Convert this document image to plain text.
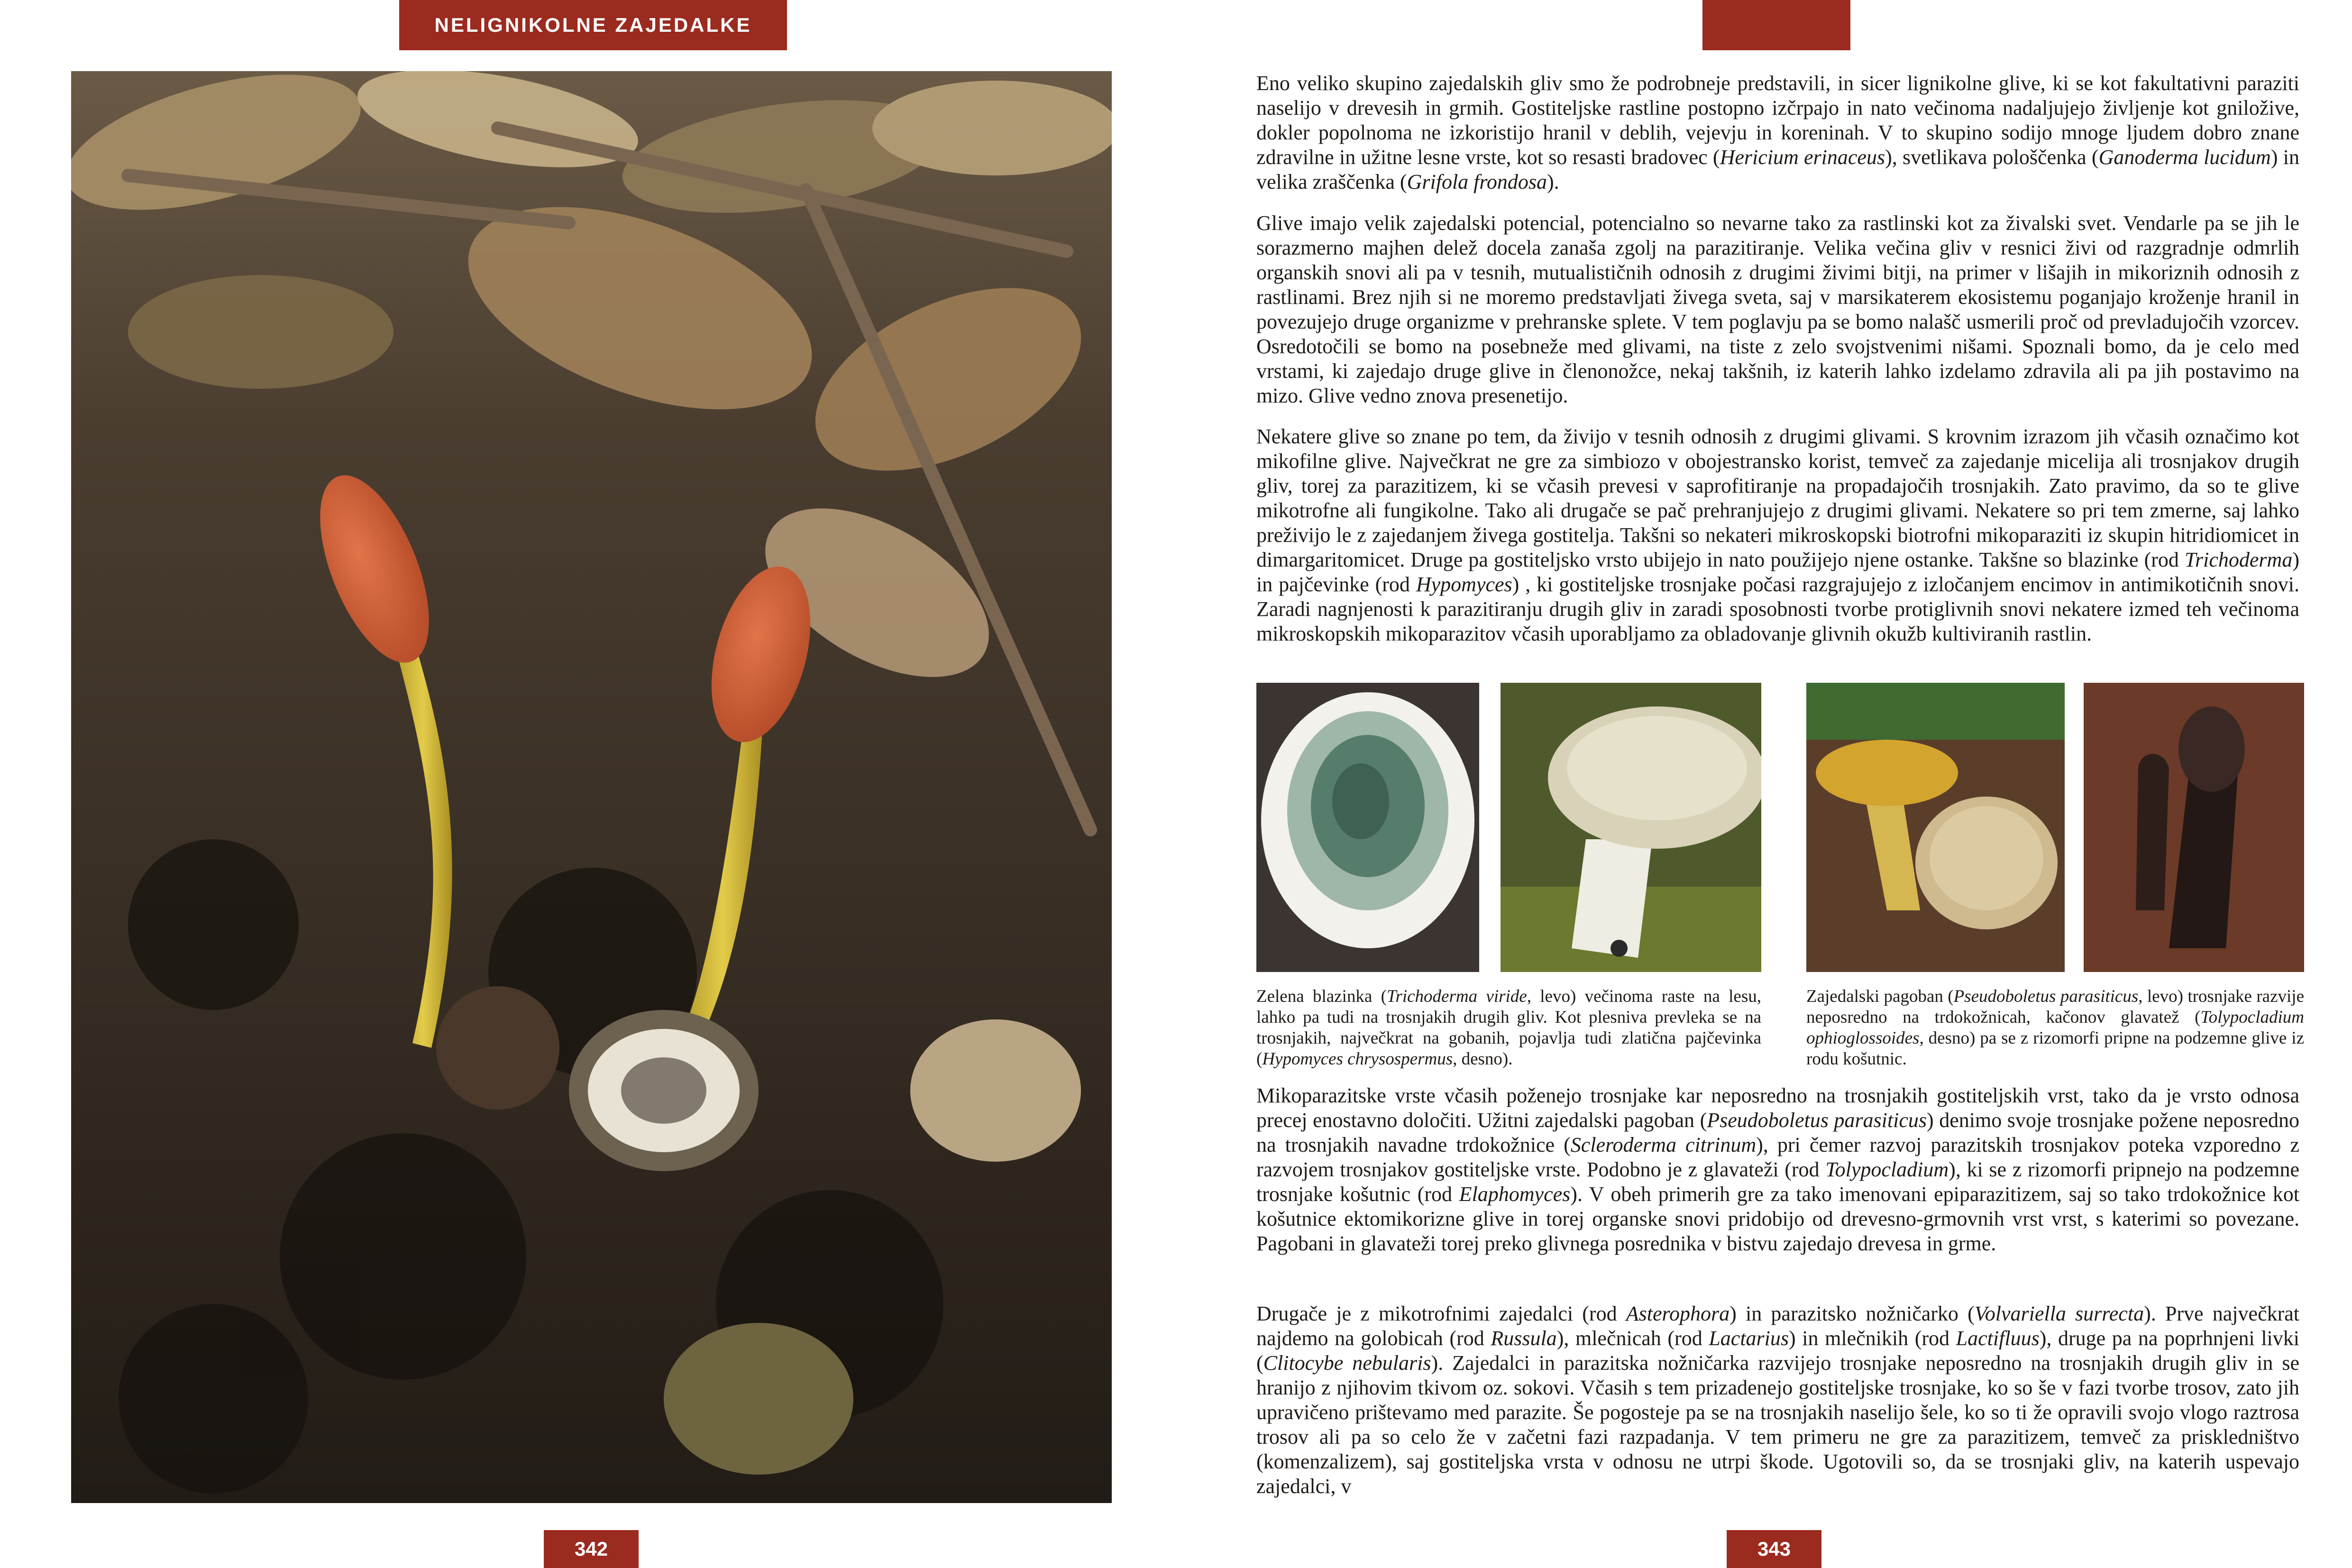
NELIGNIKOLNE ZAJEDALKE
342	343

Eno veliko skupino zajedalskih gliv smo že podrobneje predstavili, in sicer lignikolne glive, ki se kot fakultativni paraziti naselijo v drevesih in grmih. Gostiteljske rastline postopno izčrpajo in nato večinoma nadaljujejo življenje kot gniložive, dokler popolnoma ne izkoristijo hranil v deblih, vejevju in koreninah. V to skupino sodijo mnoge ljudem dobro znane zdravilne in užitne lesne vrste, kot so resasti bradovec (Hericium erinaceus), svetlikava pološčenka (Ganoderma lucidum) in velika zraščenka (Grifola frondosa).

Glive imajo velik zajedalski potencial, potencialno so nevarne tako za rastlinski kot za živalski svet. Vendarle pa se jih le sorazmerno majhen delež docela zanaša zgolj na parazitiranje. Velika večina gliv v resnici živi od razgradnje odmrlih organskih snovi ali pa v tesnih, mutualističnih odnosih z drugimi živimi bitji, na primer v lišajih in mikoriznih odnosih z rastlinami. Brez njih si ne moremo predstavljati živega sveta, saj v marsikaterem ekosistemu poganjajo kroženje hranil in povezujejo druge organizme v prehranske splete. V tem poglavju pa se bomo nalašč usmerili proč od prevladujočih vzorcev. Osredotočili se bomo na posebneže med glivami, na tiste z zelo svojstvenimi nišami. Spoznali bomo, da je celo med vrstami, ki zajedajo druge glive in členonožce, nekaj takšnih, iz katerih lahko izdelamo zdravila ali pa jih postavimo na mizo. Glive vedno znova presenetijo.

Nekatere glive so znane po tem, da živijo v tesnih odnosih z drugimi glivami. S krovnim izrazom jih včasih označimo kot mikofilne glive. Največkrat ne gre za simbiozo v obojestransko korist, temveč za zajedanje micelija ali trosnjakov drugih gliv, torej za parazitizem, ki se včasih prevesi v saprofitiranje na propadajočih trosnjakih. Zato pravimo, da so te glive mikotrofne ali fungikolne. Tako ali drugače se pač prehranjujejo z drugimi glivami. Nekatere so pri tem zmerne, saj lahko preživijo le z zajedanjem živega gostitelja. Takšni so nekateri mikroskopski biotrofni mikoparaziti iz skupin hitridiomicet in dimargaritomicet. Druge pa gostiteljsko vrsto ubijejo in nato použijejo njene ostanke. Takšne so blazinke (rod Trichoderma) in pajčevinke (rod Hypomyces) , ki gostiteljske trosnjake počasi razgrajujejo z izločanjem encimov in antimikotičnih snovi. Zaradi nagnjenosti k parazitiranju drugih gliv in zaradi sposobnosti tvorbe protiglivnih snovi nekatere izmed teh večinoma mikroskopskih mikoparazitov včasih uporabljamo za obladovanje glivnih okužb kultiviranih rastlin.

Zelena blazinka (Trichoderma viride, levo) večinoma raste na lesu, lahko pa tudi na trosnjakih drugih gliv. Kot plesniva prevleka se na trosnjakih, največkrat na gobanih, pojavlja tudi zlatična pajčevinka (Hypomyces chrysospermus, desno).

Zajedalski pagoban (Pseudoboletus parasiticus, levo) trosnjake razvije neposredno na trdokožnicah, kačonov glavatež (Tolypocladium ophioglossoides, desno) pa se z rizomorfi pripne na podzemne glive iz rodu košutnic.

Mikoparazitske vrste včasih poženejo trosnjake kar neposredno na trosnjakih gostiteljskih vrst, tako da je vrsto odnosa precej enostavno določiti. Užitni zajedalski pagoban (Pseudoboletus parasiticus) denimo svoje trosnjake požene neposredno na trosnjakih navadne trdokožnice (Scleroderma citrinum), pri čemer razvoj parazitskih trosnjakov poteka vzporedno z razvojem trosnjakov gostiteljske vrste. Podobno je z glavateži (rod Tolypocladium), ki se z rizomorfi pripnejo na podzemne trosnjake košutnic (rod Elaphomyces). V obeh primerih gre za tako imenovani epiparazitizem, saj so tako trdokožnice kot košutnice ektomikorizne glive in torej organske snovi pridobijo od drevesno-grmovnih vrst vrst, s katerimi so povezane. Pagobani in glavateži torej preko glivnega posrednika v bistvu zajedajo drevesa in grme.

Drugače je z mikotrofnimi zajedalci (rod Asterophora) in parazitsko nožničarko (Volvariella surrecta). Prve največkrat najdemo na golobicah (rod Russula), mlečnicah (rod Lactarius) in mlečnikih (rod Lactifluus), druge pa na poprhnjeni livki (Clitocybe nebularis). Zajedalci in parazitska nožničarka razvijejo trosnjake neposredno na trosnjakih drugih gliv in se hranijo z njihovim tkivom oz. sokovi. Včasih s tem prizadenejo gostiteljske trosnjake, ko so še v fazi tvorbe trosov, zato jih upravičeno prištevamo med parazite. Še pogosteje pa se na trosnjakih naselijo šele, ko so ti že opravili svojo vlogo raztrosa trosov ali pa so celo že v začetni fazi razpadanja. V tem primeru ne gre za parazitizem, temveč za priskledništvo (komenzalizem), saj gostiteljska vrsta v odnosu ne utrpi škode. Ugotovili so, da se trosnjaki gliv, na katerih uspevajo zajedalci, v
